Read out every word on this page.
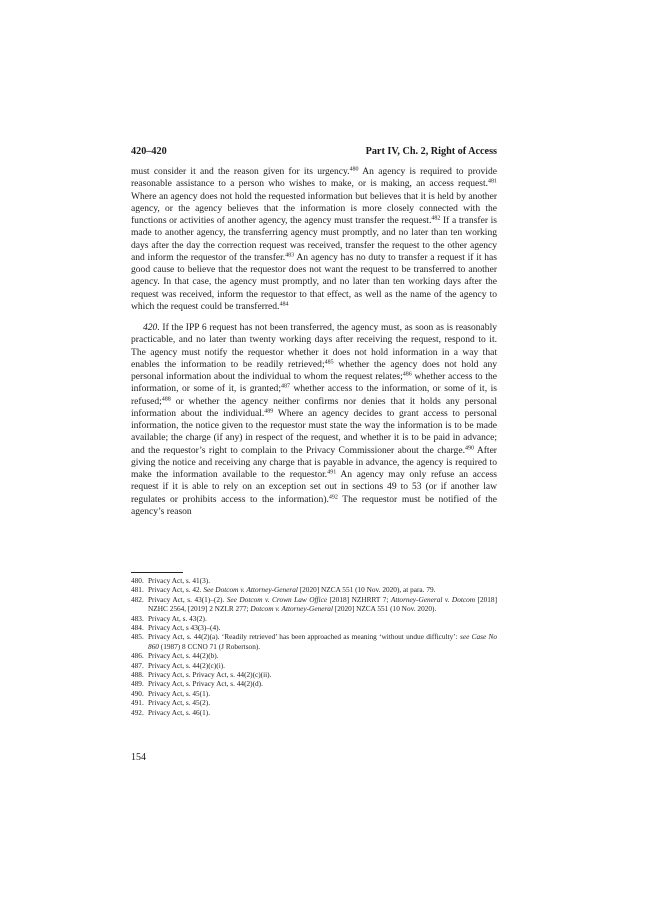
420–420	Part IV, Ch. 2, Right of Access

must consider it and the reason given for its urgency.$^{480}$ An agency is required to provide reasonable assistance to a person who wishes to make, or is making, an access request.$^{481}$ Where an agency does not hold the requested information but believes that it is held by another agency, or the agency believes that the information is more closely connected with the functions or activities of another agency, the agency must transfer the request.$^{482}$ If a transfer is made to another agency, the transferring agency must promptly, and no later than ten working days after the day the correction request was received, transfer the request to the other agency and inform the requestor of the transfer.$^{483}$ An agency has no duty to transfer a request if it has good cause to believe that the requestor does not want the request to be transferred to another agency. In that case, the agency must promptly, and no later than ten working days after the request was received, inform the requestor to that effect, as well as the name of the agency to which the request could be transferred.$^{484}$

420. If the IPP 6 request has not been transferred, the agency must, as soon as is reasonably practicable, and no later than twenty working days after receiving the request, respond to it. The agency must notify the requestor whether it does not hold information in a way that enables the information to be readily retrieved;$^{485}$ whether the agency does not hold any personal information about the individual to whom the request relates;$^{486}$ whether access to the information, or some of it, is granted;$^{487}$ whether access to the information, or some of it, is refused;$^{488}$ or whether the agency neither confirms nor denies that it holds any personal information about the individual.$^{489}$ Where an agency decides to grant access to personal information, the notice given to the requestor must state the way the information is to be made available; the charge (if any) in respect of the request, and whether it is to be paid in advance; and the requestor’s right to complain to the Privacy Commissioner about the charge.$^{490}$ After giving the notice and receiving any charge that is payable in advance, the agency is required to make the information available to the requestor.$^{491}$ An agency may only refuse an access request if it is able to rely on an exception set out in sections 49 to 53 (or if another law regulates or prohibits access to the information).$^{492}$ The requestor must be notified of the agency’s reason

480. Privacy Act, s. 41(3).
481. Privacy Act, s. 42. See Dotcom v. Attorney-General [2020] NZCA 551 (10 Nov. 2020), at para. 79.
482. Privacy Act, s. 43(1)–(2). See Dotcom v. Crown Law Office [2018] NZHRRT 7; Attorney-General v. Dotcom [2018] NZHC 2564, [2019] 2 NZLR 277; Dotcom v. Attorney-General [2020] NZCA 551 (10 Nov. 2020).
483. Privacy At, s. 43(2).
484. Privacy Act, s 43(3)–(4).
485. Privacy Act, s. 44(2)(a). ‘Readily retrieved’ has been approached as meaning ‘without undue difficulty’: see Case No 860 (1987) 8 CCNO 71 (J Robertson).
486. Privacy Act, s. 44(2)(b).
487. Privacy Act, s. 44(2)(c)(i).
488. Privacy Act, s. Privacy Act, s. 44(2)(c)(ii).
489. Privacy Act, s. Privacy Act, s. 44(2)(d).
490. Privacy Act, s. 45(1).
491. Privacy Act, s. 45(2).
492. Privacy Act, s. 46(1).
154
